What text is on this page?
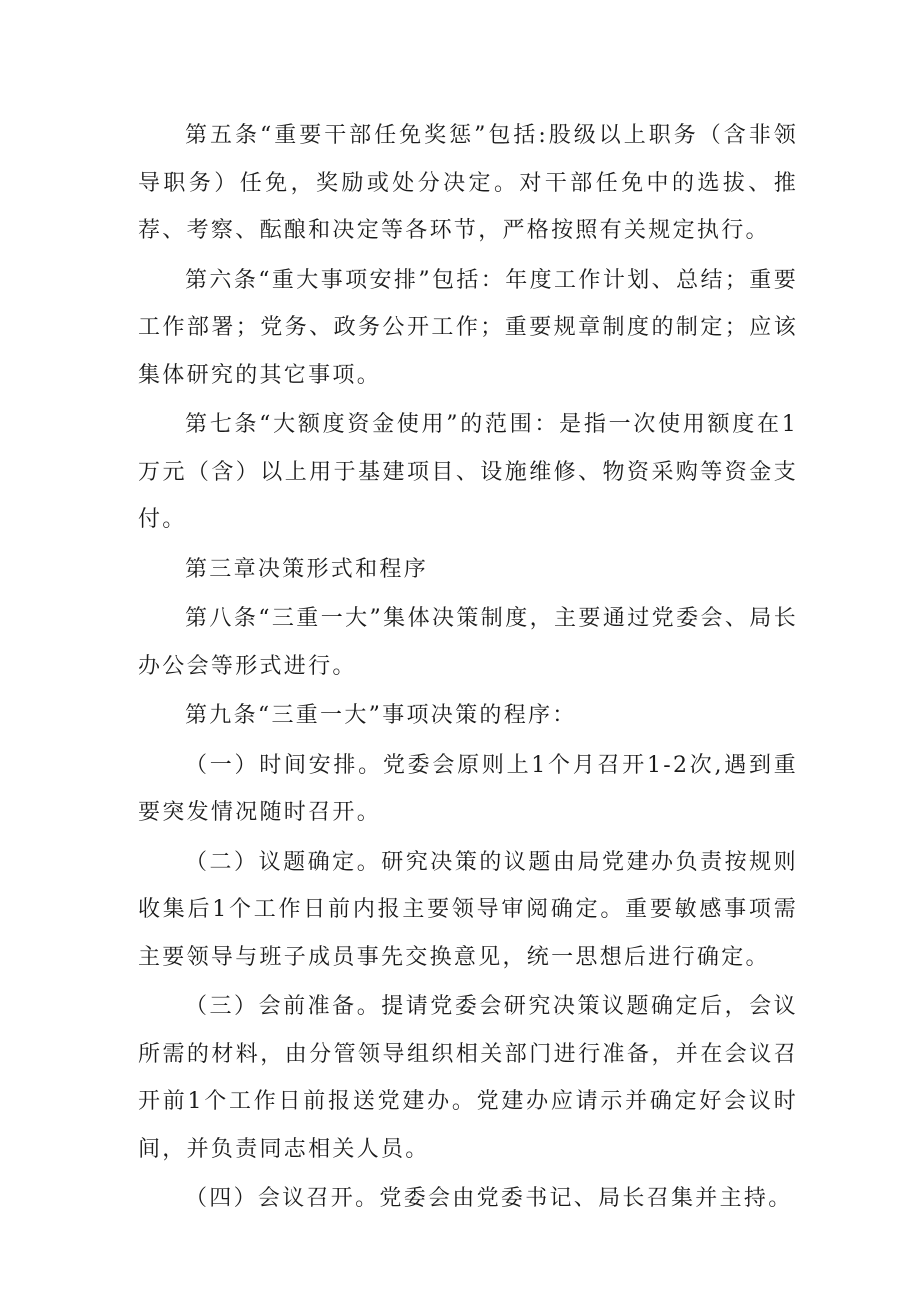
第五条“重要干部任免奖惩”包括:股级以上职务（含非领导职务）任免，奖励或处分决定。对干部任免中的选拔、推荐、考察、酝酿和决定等各环节，严格按照有关规定执行。

第六条“重大事项安排”包括：年度工作计划、总结；重要工作部署；党务、政务公开工作；重要规章制度的制定；应该集体研究的其它事项。

第七条“大额度资金使用”的范围：是指一次使用额度在1万元（含）以上用于基建项目、设施维修、物资采购等资金支付。

第三章决策形式和程序

第八条“三重一大”集体决策制度，主要通过党委会、局长办公会等形式进行。

第九条“三重一大”事项决策的程序：

（一）时间安排。党委会原则上1个月召开1-2次,遇到重要突发情况随时召开。

（二）议题确定。研究决策的议题由局党建办负责按规则收集后1个工作日前内报主要领导审阅确定。重要敏感事项需主要领导与班子成员事先交换意见，统一思想后进行确定。

（三）会前准备。提请党委会研究决策议题确定后，会议所需的材料，由分管领导组织相关部门进行准备，并在会议召开前1个工作日前报送党建办。党建办应请示并确定好会议时间，并负责同志相关人员。

（四）会议召开。党委会由党委书记、局长召集并主持。
